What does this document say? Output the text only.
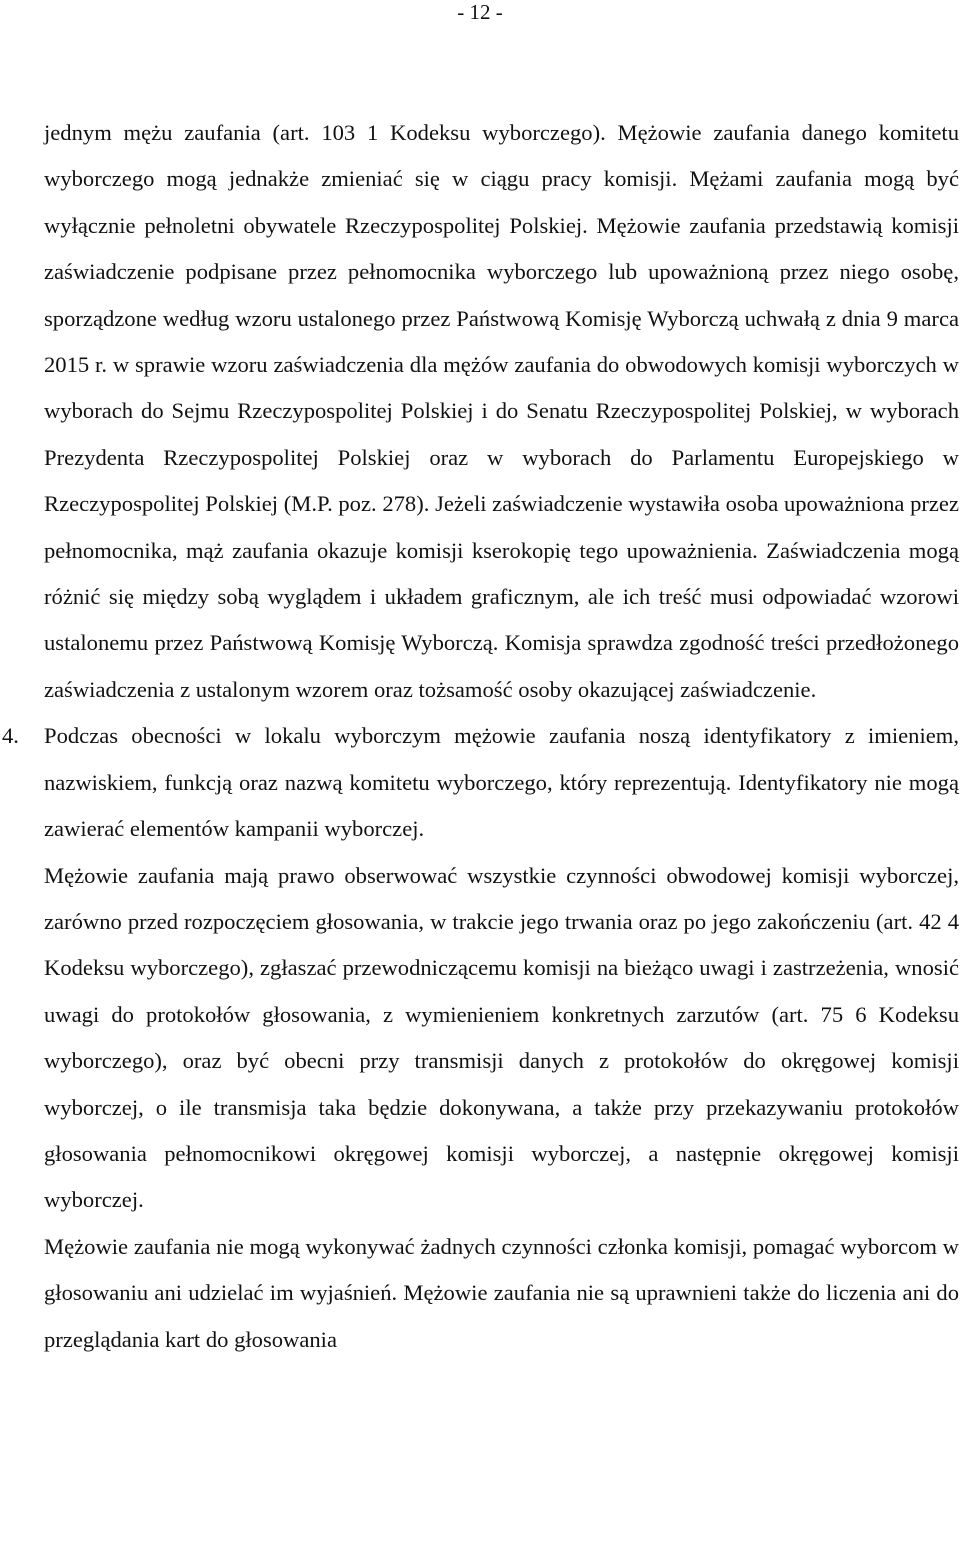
- 12 -

jednym mężu zaufania (art. 103 1 Kodeksu wyborczego). Mężowie zaufania danego komitetu wyborczego mogą jednakże zmieniać się w ciągu pracy komisji. Mężami zaufania mogą być wyłącznie pełnoletni obywatele Rzeczypospolitej Polskiej. Mężowie zaufania przedstawią komisji zaświadczenie podpisane przez pełnomocnika wyborczego lub upoważnioną przez niego osobę, sporządzone według wzoru ustalonego przez Państwową Komisję Wyborczą uchwałą z dnia 9 marca 2015 r. w sprawie wzoru zaświadczenia dla mężów zaufania do obwodowych komisji wyborczych w wyborach do Sejmu Rzeczypospolitej Polskiej i do Senatu Rzeczypospolitej Polskiej, w wyborach Prezydenta Rzeczypospolitej Polskiej oraz w wyborach do Parlamentu Europejskiego w Rzeczypospolitej Polskiej (M.P. poz. 278). Jeżeli zaświadczenie wystawiła osoba upoważniona przez pełnomocnika, mąż zaufania okazuje komisji kserokopię tego upoważnienia. Zaświadczenia mogą różnić się między sobą wyglądem i układem graficznym, ale ich treść musi odpowiadać wzorowi ustalonemu przez Państwową Komisję Wyborczą. Komisja sprawdza zgodność treści przedłożonego zaświadczenia z ustalonym wzorem oraz tożsamość osoby okazującej zaświadczenie.

4. Podczas obecności w lokalu wyborczym mężowie zaufania noszą identyfikatory z imieniem, nazwiskiem, funkcją oraz nazwą komitetu wyborczego, który reprezentują. Identyfikatory nie mogą zawierać elementów kampanii wyborczej.

Mężowie zaufania mają prawo obserwować wszystkie czynności obwodowej komisji wyborczej, zarówno przed rozpoczęciem głosowania, w trakcie jego trwania oraz po jego zakończeniu (art. 42 4 Kodeksu wyborczego), zgłaszać przewodniczącemu komisji na bieżąco uwagi i zastrzeżenia, wnosić uwagi do protokołów głosowania, z wymienieniem konkretnych zarzutów (art. 75 6 Kodeksu wyborczego), oraz być obecni przy transmisji danych z protokołów do okręgowej komisji wyborczej, o ile transmisja taka będzie dokonywana, a także przy przekazywaniu protokołów głosowania pełnomocnikowi okręgowej komisji wyborczej, a następnie okręgowej komisji wyborczej.

Mężowie zaufania nie mogą wykonywać żadnych czynności członka komisji, pomagać wyborcom w głosowaniu ani udzielać im wyjaśnień. Mężowie zaufania nie są uprawnieni także do liczenia ani do przeglądania kart do głosowania
